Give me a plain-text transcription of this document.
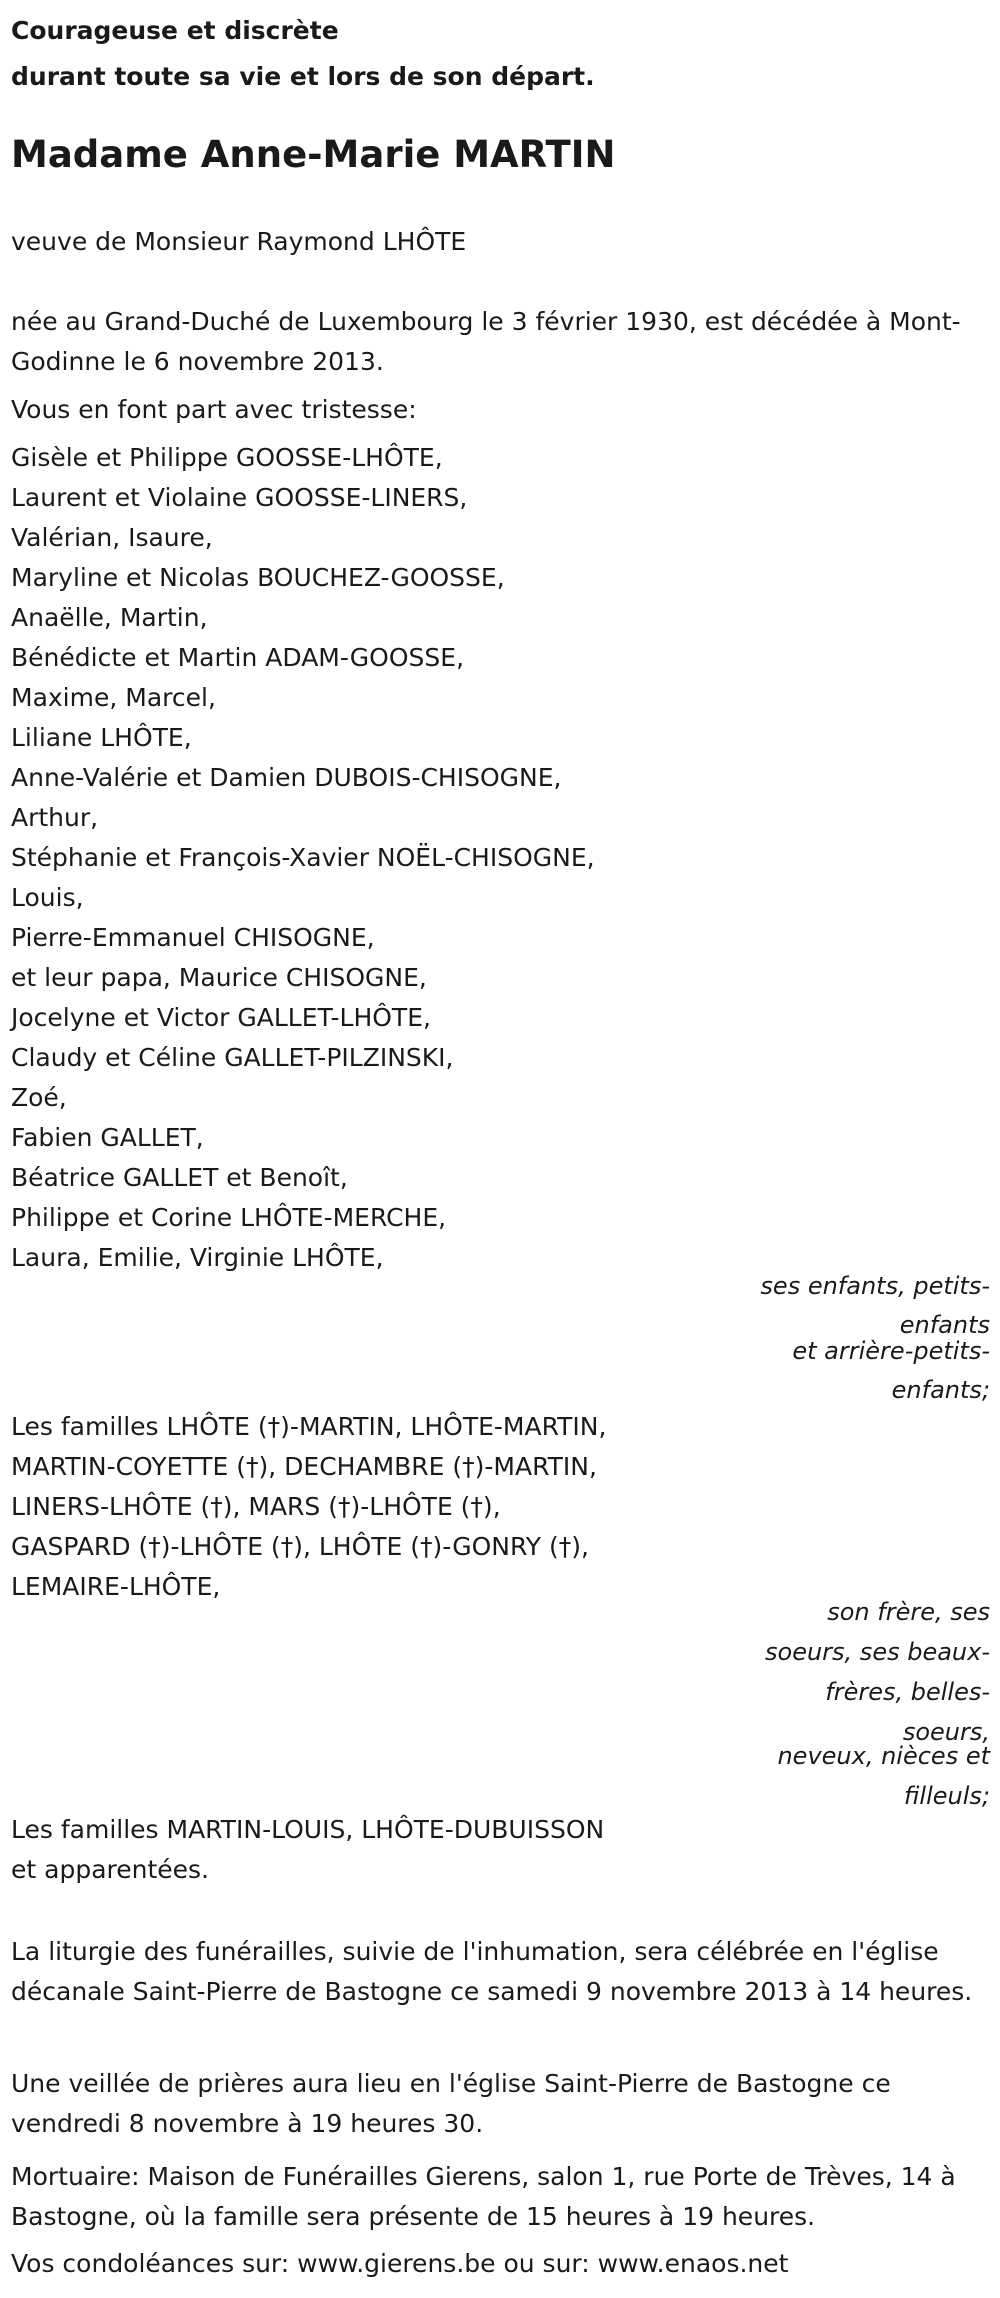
Courageuse et discrète
durant toute sa vie et lors de son départ.
Madame Anne-Marie MARTIN

veuve de Monsieur Raymond LHÔTE

née au Grand-Duché de Luxembourg le 3 février 1930, est décédée à Mont-Godinne le 6 novembre 2013.

Vous en font part avec tristesse:

Gisèle et Philippe GOOSSE-LHÔTE,
Laurent et Violaine GOOSSE-LINERS,
Valérian, Isaure,
Maryline et Nicolas BOUCHEZ-GOOSSE,
Anaëlle, Martin,
Bénédicte et Martin ADAM-GOOSSE,
Maxime, Marcel,
Liliane LHÔTE,
Anne-Valérie et Damien DUBOIS-CHISOGNE,
Arthur,
Stéphanie et François-Xavier NOËL-CHISOGNE,
Louis,
Pierre-Emmanuel CHISOGNE,
et leur papa, Maurice CHISOGNE,
Jocelyne et Victor GALLET-LHÔTE,
Claudy et Céline GALLET-PILZINSKI,
Zoé,
Fabien GALLET,
Béatrice GALLET et Benoît,
Philippe et Corine LHÔTE-MERCHE,
Laura, Emilie, Virginie LHÔTE,
ses enfants, petits-
enfants
et arrière-petits-
enfants;
Les familles LHÔTE (†)-MARTIN, LHÔTE-MARTIN,
MARTIN-COYETTE (†), DECHAMBRE (†)-MARTIN,
LINERS-LHÔTE (†), MARS (†)-LHÔTE (†),
GASPARD (†)-LHÔTE (†), LHÔTE (†)-GONRY (†),
LEMAIRE-LHÔTE,
son frère, ses
soeurs, ses beaux-
frères, belles-
soeurs,
neveux, nièces et
filleuls;
Les familles MARTIN-LOUIS, LHÔTE-DUBUISSON
et apparentées.

La liturgie des funérailles, suivie de l'inhumation, sera célébrée en l'église décanale Saint-Pierre de Bastogne ce samedi 9 novembre 2013 à 14 heures.

Une veillée de prières aura lieu en l'église Saint-Pierre de Bastogne ce vendredi 8 novembre à 19 heures 30.

Mortuaire: Maison de Funérailles Gierens, salon 1, rue Porte de Trèves, 14 à Bastogne, où la famille sera présente de 15 heures à 19 heures.

Vos condoléances sur: www.gierens.be ou sur: www.enaos.net
